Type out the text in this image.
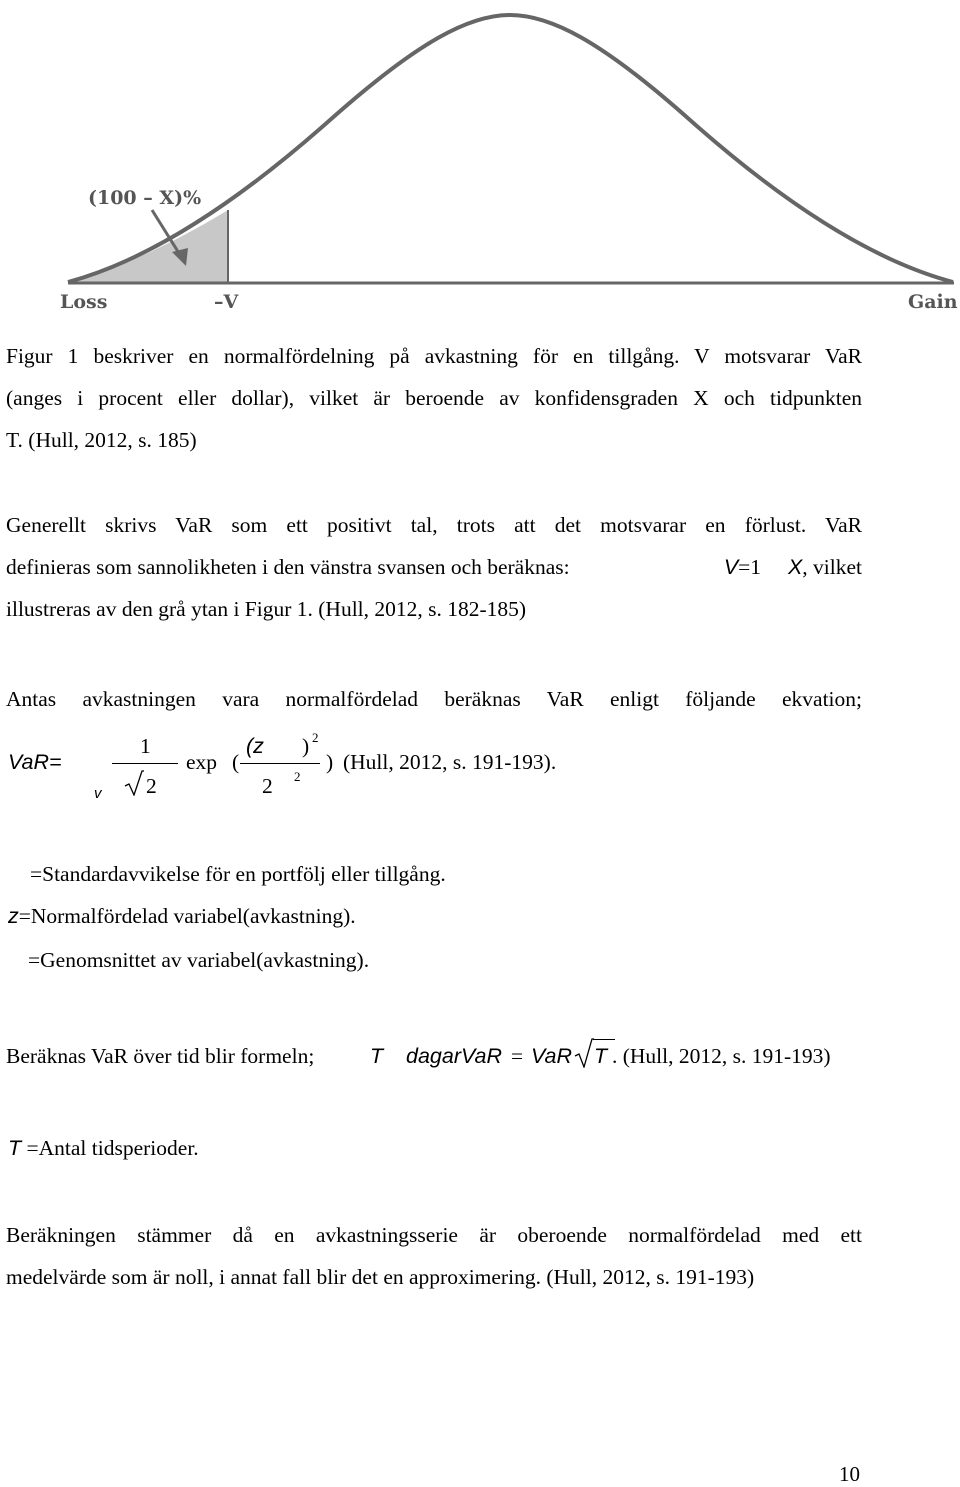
(100 – X)%
Loss	–V	Gain
Figur 1 beskriver en normalfördelning på avkastning för en tillgång. V motsvarar VaR
(anges i procent eller dollar), vilket är beroende av konfidensgraden X och tidpunkten
T. (Hull, 2012, s. 185)
Generellt skrivs VaR som ett positivt tal, trots att det motsvarar en förlust. VaR
definieras som sannolikheten i den vänstra svansen och beräknas:	V=1 X, vilket
illustreras av den grå ytan i Figur 1. (Hull, 2012, s. 182-185)
Antas avkastningen vara normalfördelad beräknas VaR enligt följande ekvation;
VaR=
1
v 2
exp (
(z ) 2
2 2
) (Hull, 2012, s. 191-193).
=Standardavvikelse för en portfölj eller tillgång.
z=Normalfördelad variabel(avkastning).
=Genomsnittet av variabel(avkastning).
Beräknas VaR över tid blir formeln;	T dagarVaR = VaR T . (Hull, 2012, s. 191-193)
T =Antal tidsperioder.
Beräkningen stämmer då en avkastningsserie är oberoende normalfördelad med ett
medelvärde som är noll, i annat fall blir det en approximering. (Hull, 2012, s. 191-193)
10
